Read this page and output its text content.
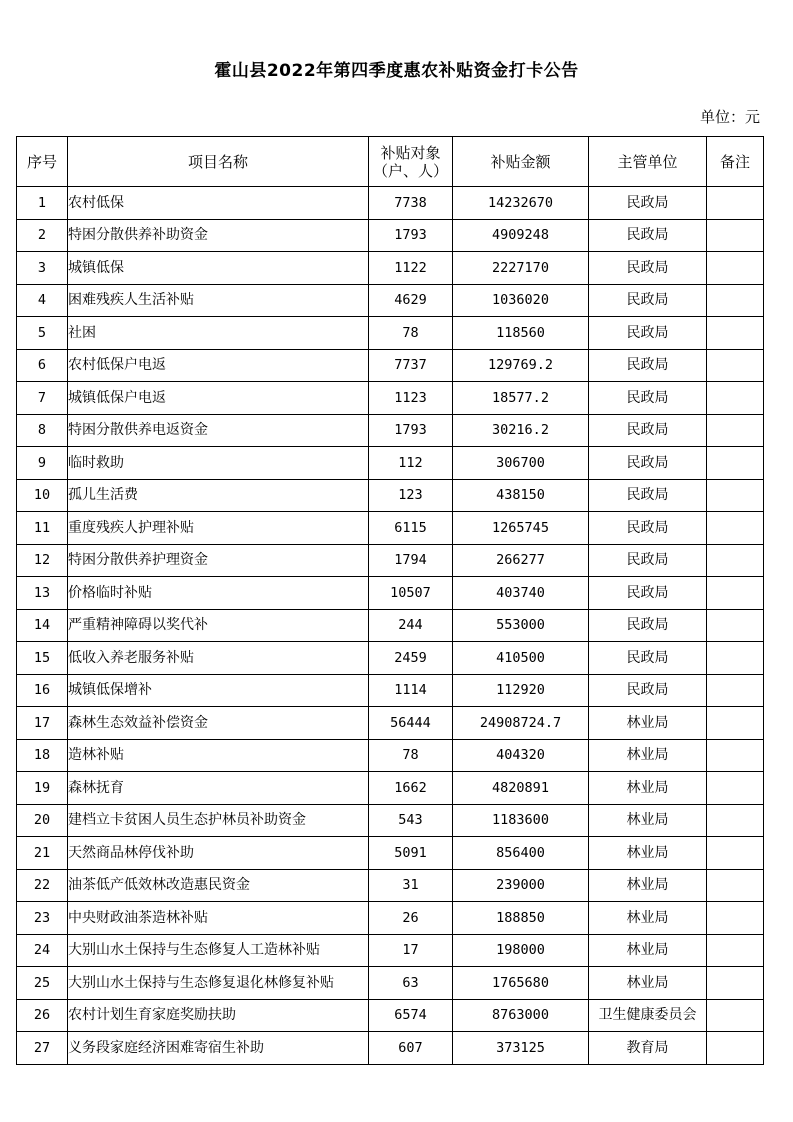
霍山县2022年第四季度惠农补贴资金打卡公告
单位：元
序号	项目名称	补贴对象（户、人）	补贴金额	主管单位	备注
1	农村低保	7738	14232670	民政局	
2	特困分散供养补助资金	1793	4909248	民政局	
3	城镇低保	1122	2227170	民政局	
4	困难残疾人生活补贴	4629	1036020	民政局	
5	社困	78	118560	民政局	
6	农村低保户电返	7737	129769.2	民政局	
7	城镇低保户电返	1123	18577.2	民政局	
8	特困分散供养电返资金	1793	30216.2	民政局	
9	临时救助	112	306700	民政局	
10	孤儿生活费	123	438150	民政局	
11	重度残疾人护理补贴	6115	1265745	民政局	
12	特困分散供养护理资金	1794	266277	民政局	
13	价格临时补贴	10507	403740	民政局	
14	严重精神障碍以奖代补	244	553000	民政局	
15	低收入养老服务补贴	2459	410500	民政局	
16	城镇低保增补	1114	112920	民政局	
17	森林生态效益补偿资金	56444	24908724.7	林业局	
18	造林补贴	78	404320	林业局	
19	森林抚育	1662	4820891	林业局	
20	建档立卡贫困人员生态护林员补助资金	543	1183600	林业局	
21	天然商品林停伐补助	5091	856400	林业局	
22	油茶低产低效林改造惠民资金	31	239000	林业局	
23	中央财政油茶造林补贴	26	188850	林业局	
24	大别山水土保持与生态修复人工造林补贴	17	198000	林业局	
25	大别山水土保持与生态修复退化林修复补贴	63	1765680	林业局	
26	农村计划生育家庭奖励扶助	6574	8763000	卫生健康委员会	
27	义务段家庭经济困难寄宿生补助	607	373125	教育局	
